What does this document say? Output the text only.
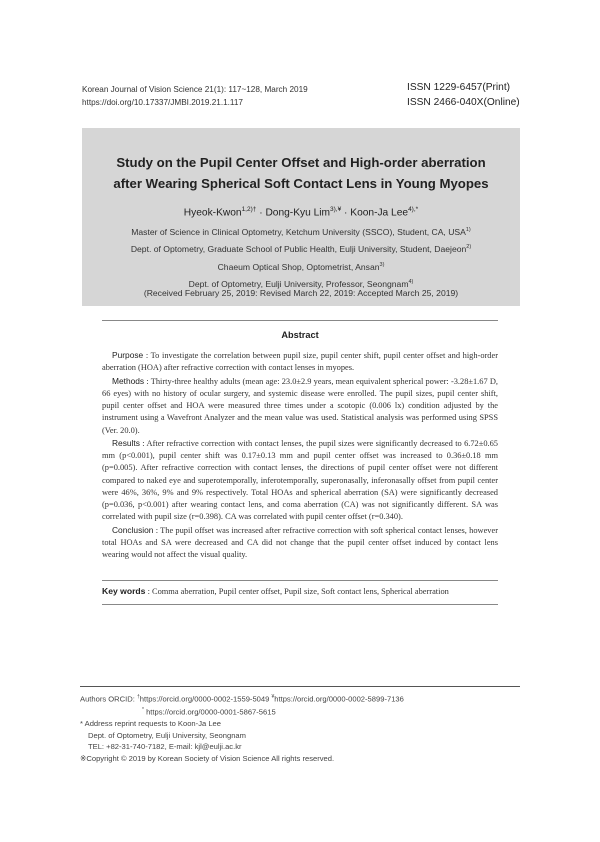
Korean Journal of Vision Science 21(1): 117~128, March 2019
https://doi.org/10.17337/JMBI.2019.21.1.117
ISSN 1229-6457(Print)
ISSN 2466-040X(Online)
Study on the Pupil Center Offset and High-order aberration
after Wearing Spherical Soft Contact Lens in Young Myopes
Hyeok-Kwon$^{1,2)\dagger}$ · Dong-Kyu Lim$^{3),¥}$ · Koon-Ja Lee$^{4),*}$
Master of Science in Clinical Optometry, Ketchum University (SSCO), Student, CA, USA$^{1)}$
Dept. of Optometry, Graduate School of Public Health, Eulji University, Student, Daejeon$^{2)}$
Chaeum Optical Shop, Optometrist, Ansan$^{3)}$
Dept. of Optometry, Eulji University, Professor, Seongnam$^{4)}$
(Received February 25, 2019: Revised March 22, 2019: Accepted March 25, 2019)
Abstract

Purpose : To investigate the correlation between pupil size, pupil center shift, pupil center offset and high-order aberration (HOA) after refractive correction with contact lenses in myopes.

Methods : Thirty-three healthy adults (mean age: 23.0±2.9 years, mean equivalent spherical power: -3.28±1.67 D, 66 eyes) with no history of ocular surgery, and systemic disease were enrolled. The pupil sizes, pupil center shift, pupil center offset and HOA were measured three times under a scotopic (0.006 lx) condition adjusted by the instrument using a Wavefront Analyzer and the mean value was used. Statistical analysis was performed using SPSS (Ver. 20.0).

Results : After refractive correction with contact lenses, the pupil sizes were significantly decreased to 6.72±0.65 mm (p<0.001), pupil center shift was 0.17±0.13 mm and pupil center offset was increased to 0.36±0.18 mm (p=0.005). After refractive correction with contact lenses, the directions of pupil center offset were not different compared to naked eye and superotemporally, inferotemporally, superonasally, inferonasally offset from pupil center were 46%, 36%, 9% and 9% respectively. Total HOAs and spherical aberration (SA) were significantly decreased (p=0.036, p<0.001) after wearing contact lens, and coma aberration (CA) was not significantly different. SA was correlated with pupil size (r=0.398). CA was correlated with pupil center offset (r=0.340).

Conclusion : The pupil offset was increased after refractive correction with soft spherical contact lenses, however total HOAs and SA were decreased and CA did not change that the pupil center offset induced by contact lens wearing would not affect the visual quality.

Key words : Comma aberration, Pupil center offset, Pupil size, Soft contact lens, Spherical aberration
Authors ORCID: †https://orcid.org/0000-0002-1559-5049 ¥https://orcid.org/0000-0002-5899-7136
* https://orcid.org/0000-0001-5867-5615
* Address reprint requests to Koon-Ja Lee
Dept. of Optometry, Eulji University, Seongnam
TEL: +82-31-740-7182, E-mail: kjl@eulji.ac.kr
※Copyright © 2019 by Korean Society of Vision Science All rights reserved.
